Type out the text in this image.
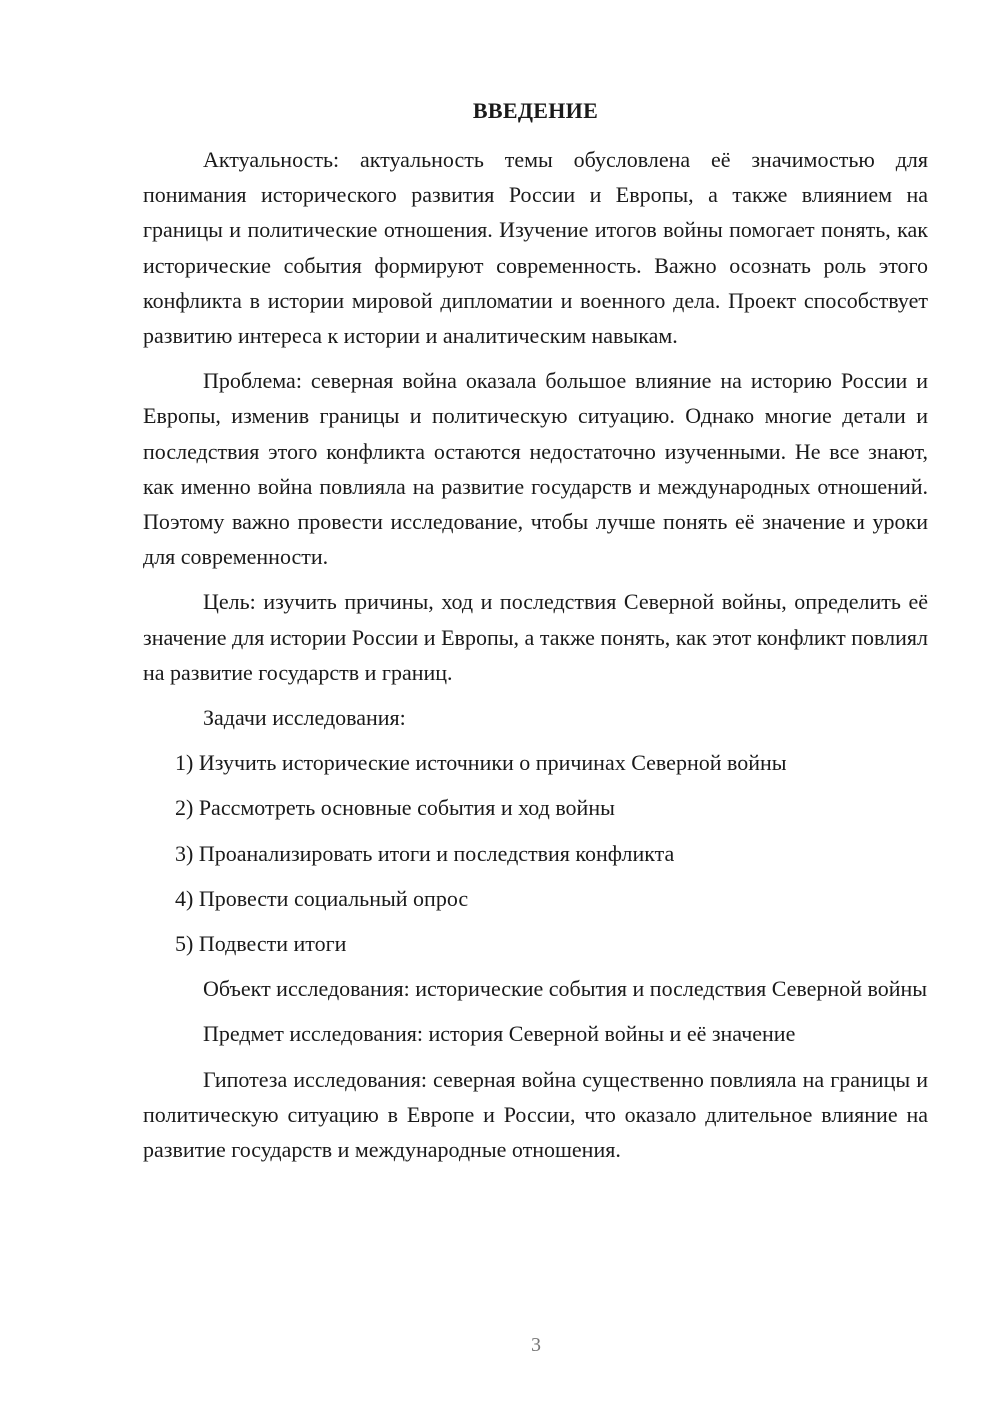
ВВЕДЕНИЕ

Актуальность: актуальность темы обусловлена её значимостью для понимания исторического развития России и Европы, а также влиянием на границы и политические отношения. Изучение итогов войны помогает понять, как исторические события формируют современность. Важно осознать роль этого конфликта в истории мировой дипломатии и военного дела. Проект способствует развитию интереса к истории и аналитическим навыкам.

Проблема: северная война оказала большое влияние на историю России и Европы, изменив границы и политическую ситуацию. Однако многие детали и последствия этого конфликта остаются недостаточно изученными. Не все знают, как именно война повлияла на развитие государств и международных отношений. Поэтому важно провести исследование, чтобы лучше понять её значение и уроки для современности.

Цель: изучить причины, ход и последствия Северной войны, определить её значение для истории России и Европы, а также понять, как этот конфликт повлиял на развитие государств и границ.

Задачи исследования:

1) Изучить исторические источники о причинах Северной войны
2) Рассмотреть основные события и ход войны
3) Проанализировать итоги и последствия конфликта
4) Провести социальный опрос
5) Подвести итоги

Объект исследования: исторические события и последствия Северной войны

Предмет исследования: история Северной войны и её значение

Гипотеза исследования: северная война существенно повлияла на границы и политическую ситуацию в Европе и России, что оказало длительное влияние на развитие государств и международные отношения.

3
